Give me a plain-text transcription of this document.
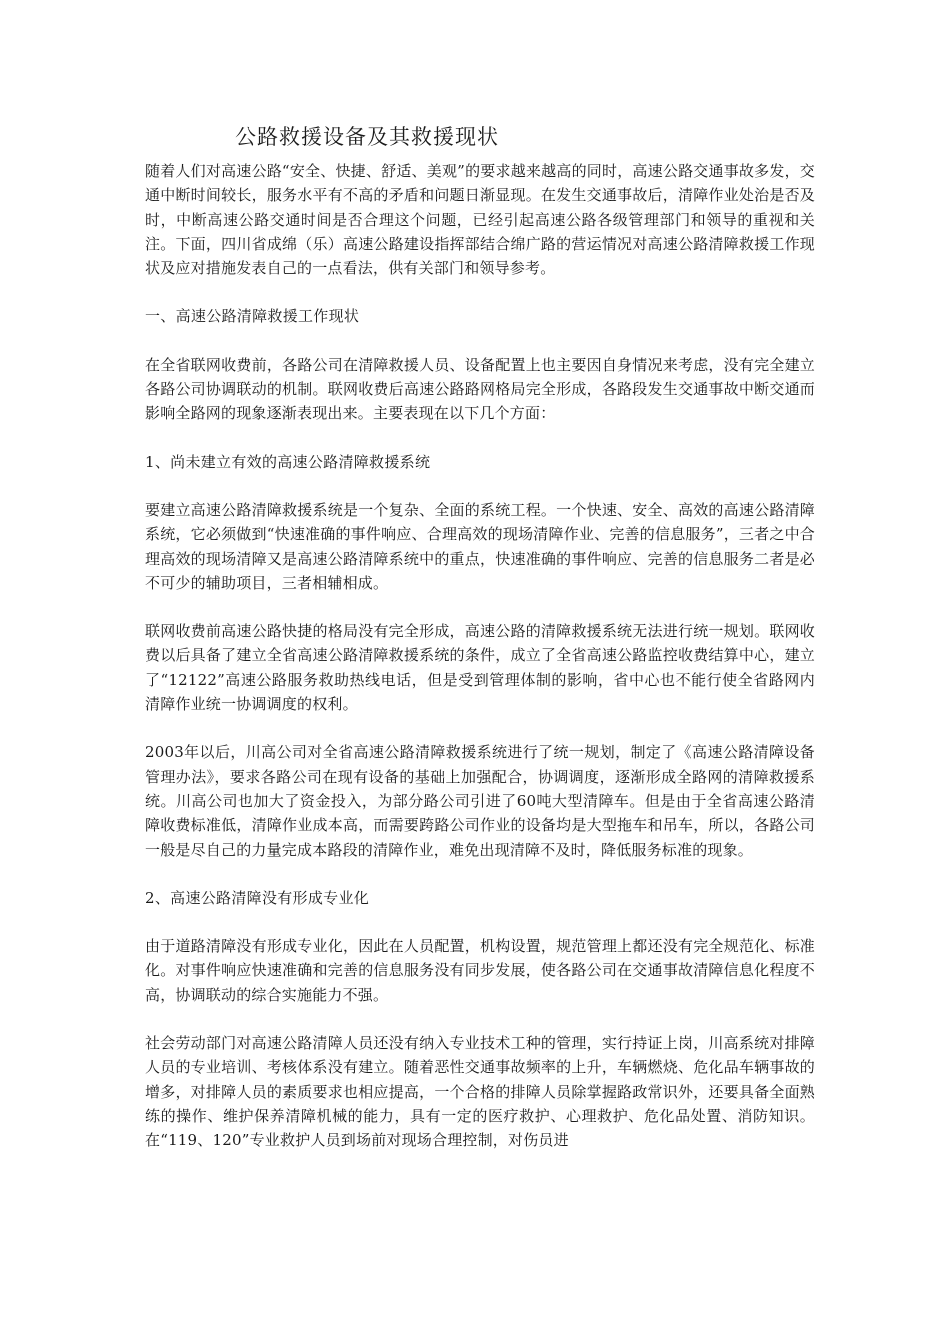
公路救援设备及其救援现状

随着人们对高速公路“安全、快捷、舒适、美观”的要求越来越高的同时，高速公路交通事故多发，交通中断时间较长，服务水平有不高的矛盾和问题日渐显现。在发生交通事故后，清障作业处治是否及时，中断高速公路交通时间是否合理这个问题，已经引起高速公路各级管理部门和领导的重视和关注。下面，四川省成绵（乐）高速公路建设指挥部结合绵广路的营运情况对高速公路清障救援工作现状及应对措施发表自己的一点看法，供有关部门和领导参考。

一、高速公路清障救援工作现状

在全省联网收费前，各路公司在清障救援人员、设备配置上也主要因自身情况来考虑，没有完全建立各路公司协调联动的机制。联网收费后高速公路路网格局完全形成，各路段发生交通事故中断交通而影响全路网的现象逐渐表现出来。主要表现在以下几个方面：

1、尚未建立有效的高速公路清障救援系统

要建立高速公路清障救援系统是一个复杂、全面的系统工程。一个快速、安全、高效的高速公路清障系统，它必须做到“快速准确的事件响应、合理高效的现场清障作业、完善的信息服务”，三者之中合理高效的现场清障又是高速公路清障系统中的重点，快速准确的事件响应、完善的信息服务二者是必不可少的辅助项目，三者相辅相成。

联网收费前高速公路快捷的格局没有完全形成，高速公路的清障救援系统无法进行统一规划。联网收费以后具备了建立全省高速公路清障救援系统的条件，成立了全省高速公路监控收费结算中心，建立了“12122”高速公路服务救助热线电话，但是受到管理体制的影响，省中心也不能行使全省路网内清障作业统一协调调度的权利。

2003年以后，川高公司对全省高速公路清障救援系统进行了统一规划，制定了《高速公路清障设备管理办法》，要求各路公司在现有设备的基础上加强配合，协调调度，逐渐形成全路网的清障救援系统。川高公司也加大了资金投入，为部分路公司引进了60吨大型清障车。但是由于全省高速公路清障收费标准低，清障作业成本高，而需要跨路公司作业的设备均是大型拖车和吊车，所以，各路公司一般是尽自己的力量完成本路段的清障作业，难免出现清障不及时，降低服务标准的现象。

2、高速公路清障没有形成专业化

由于道路清障没有形成专业化，因此在人员配置，机构设置，规范管理上都还没有完全规范化、标准化。对事件响应快速准确和完善的信息服务没有同步发展，使各路公司在交通事故清障信息化程度不高，协调联动的综合实施能力不强。

社会劳动部门对高速公路清障人员还没有纳入专业技术工种的管理，实行持证上岗，川高系统对排障人员的专业培训、考核体系没有建立。随着恶性交通事故频率的上升，车辆燃烧、危化品车辆事故的增多，对排障人员的素质要求也相应提高，一个合格的排障人员除掌握路政常识外，还要具备全面熟练的操作、维护保养清障机械的能力，具有一定的医疗救护、心理救护、危化品处置、消防知识。在“119、120”专业救护人员到场前对现场合理控制，对伤员进
